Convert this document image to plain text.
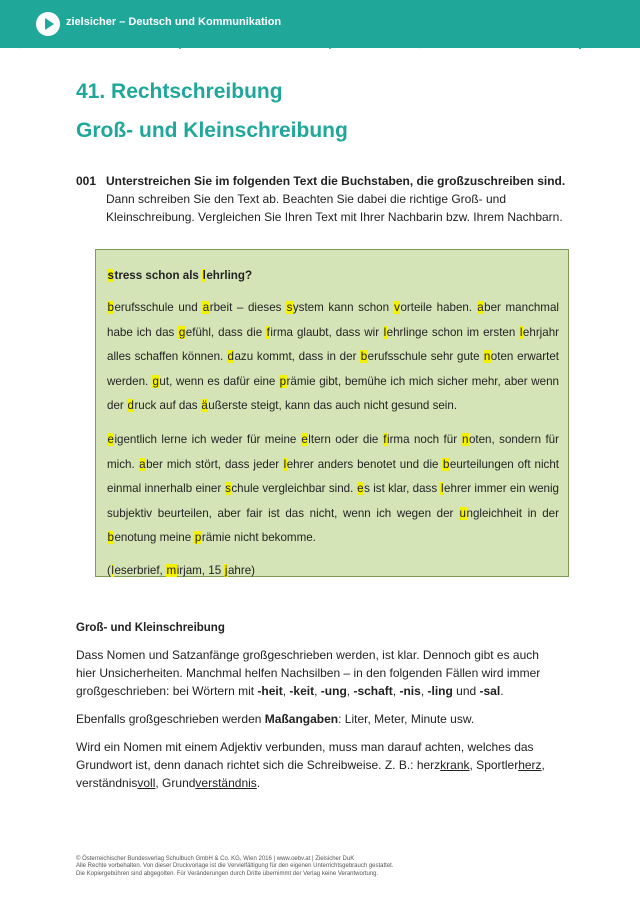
zielsicher – Deutsch und Kommunikation
41. Rechtschreibung
Groß- und Kleinschreibung
001 Unterstreichen Sie im folgenden Text die Buchstaben, die großzuschreiben sind.
Dann schreiben Sie den Text ab. Beachten Sie dabei die richtige Groß- und Kleinschreibung. Vergleichen Sie Ihren Text mit Ihrer Nachbarin bzw. Ihrem Nachbarn.
stress schon als lehrling?

berufsschule und arbeit – dieses system kann schon vorteile haben. aber manchmal habe ich das gefühl, dass die firma glaubt, dass wir lehrlinge schon im ersten lehrjahr alles schaffen können. dazu kommt, dass in der berufsschule sehr gute noten erwartet werden. gut, wenn es dafür eine prämie gibt, bemühe ich mich sicher mehr, aber wenn der druck auf das äußerste steigt, kann das auch nicht gesund sein.

eigentlich lerne ich weder für meine eltern oder die firma noch für noten, sondern für mich. aber mich stört, dass jeder lehrer anders benotet und die beurteilungen oft nicht einmal innerhalb einer schule vergleichbar sind. es ist klar, dass lehrer immer ein wenig subjektiv beurteilen, aber fair ist das nicht, wenn ich wegen der ungleichheit in der benotung meine prämie nicht bekomme.

(leserbrief, mirjam, 15 jahre)

Groß- und Kleinschreibung

Dass Nomen und Satzanfänge großgeschrieben werden, ist klar. Dennoch gibt es auch hier Unsicherheiten. Manchmal helfen Nachsilben – in den folgenden Fällen wird immer großgeschrieben: bei Wörtern mit -heit, -keit, -ung, -schaft, -nis, -ling und -sal.

Ebenfalls großgeschrieben werden Maßangaben: Liter, Meter, Minute usw.

Wird ein Nomen mit einem Adjektiv verbunden, muss man darauf achten, welches das Grundwort ist, denn danach richtet sich die Schreibweise. Z. B.: herzkrank, Sportlerherz, verständnisvoll, Grundverständnis.

© Österreichischer Bundesverlag Schulbuch GmbH & Co. KG, Wien 2016 | www.oebv.at | Zielsicher DuK
Alle Rechte vorbehalten. Von dieser Druckvorlage ist die Vervielfältigung für den eigenen Unterrichtsgebrauch gestattet.
Die Kopiergebühren sind abgegolten. Für Veränderungen durch Dritte übernimmt der Verlag keine Verantwortung.
